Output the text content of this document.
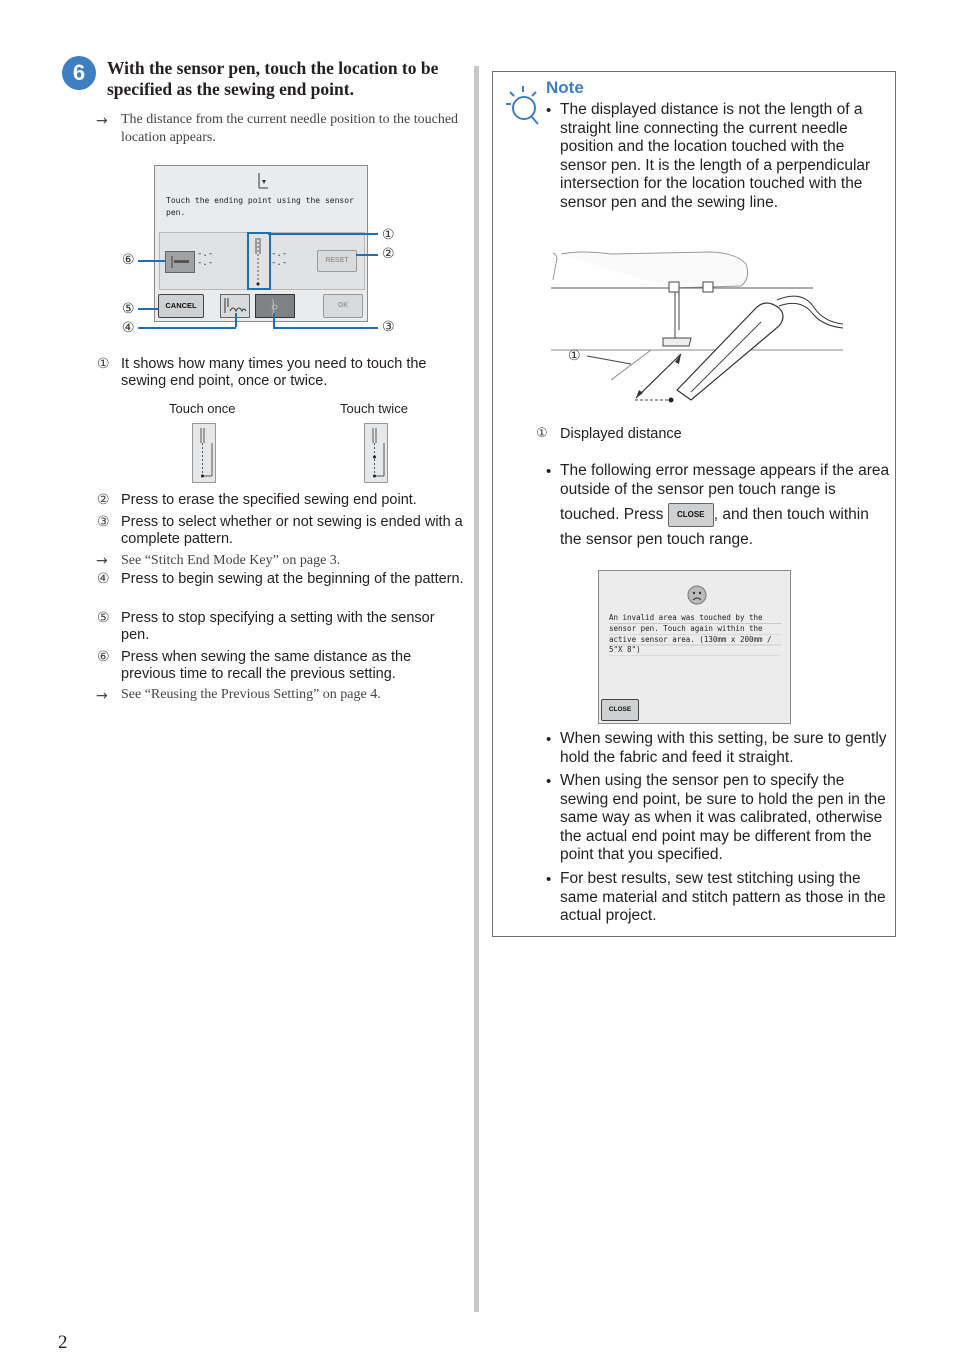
6	With the sensor pen, touch the location to be specified as the sewing end point.
→ The distance from the current needle position to the touched location appears.
Touch the ending point using the sensor pen.
-.-
-.-
-.-
-.-	RESET
CANCEL	OK
①
②
③
④
⑤
⑥
① It shows how many times you need to touch the sewing end point, once or twice.
Touch once	Touch twice
② Press to erase the specified sewing end point.
③ Press to select whether or not sewing is ended with a complete pattern.
→ See “Stitch End Mode Key” on page 3.
④ Press to begin sewing at the beginning of the pattern.
⑤ Press to stop specifying a setting with the sensor pen.
⑥ Press when sewing the same distance as the previous time to recall the previous setting.
→ See “Reusing the Previous Setting” on page 4.
Note
• The displayed distance is not the length of a straight line connecting the current needle position and the location touched with the sensor pen. It is the length of a perpendicular intersection for the location touched with the sensor pen and the sewing line.
①
① Displayed distance
• The following error message appears if the area outside of the sensor pen touch range is touched. Press CLOSE , and then touch within the sensor pen touch range.
An invalid area was touched by the sensor pen. Touch again within the active sensor area. (130mm x 200mm / 5"X 8")
CLOSE
• When sewing with this setting, be sure to gently hold the fabric and feed it straight.
• When using the sensor pen to specify the sewing end point, be sure to hold the pen in the same way as when it was calibrated, otherwise the actual end point may be different from the point that you specified.
• For best results, sew test stitching using the same material and stitch pattern as those in the actual project.
2
